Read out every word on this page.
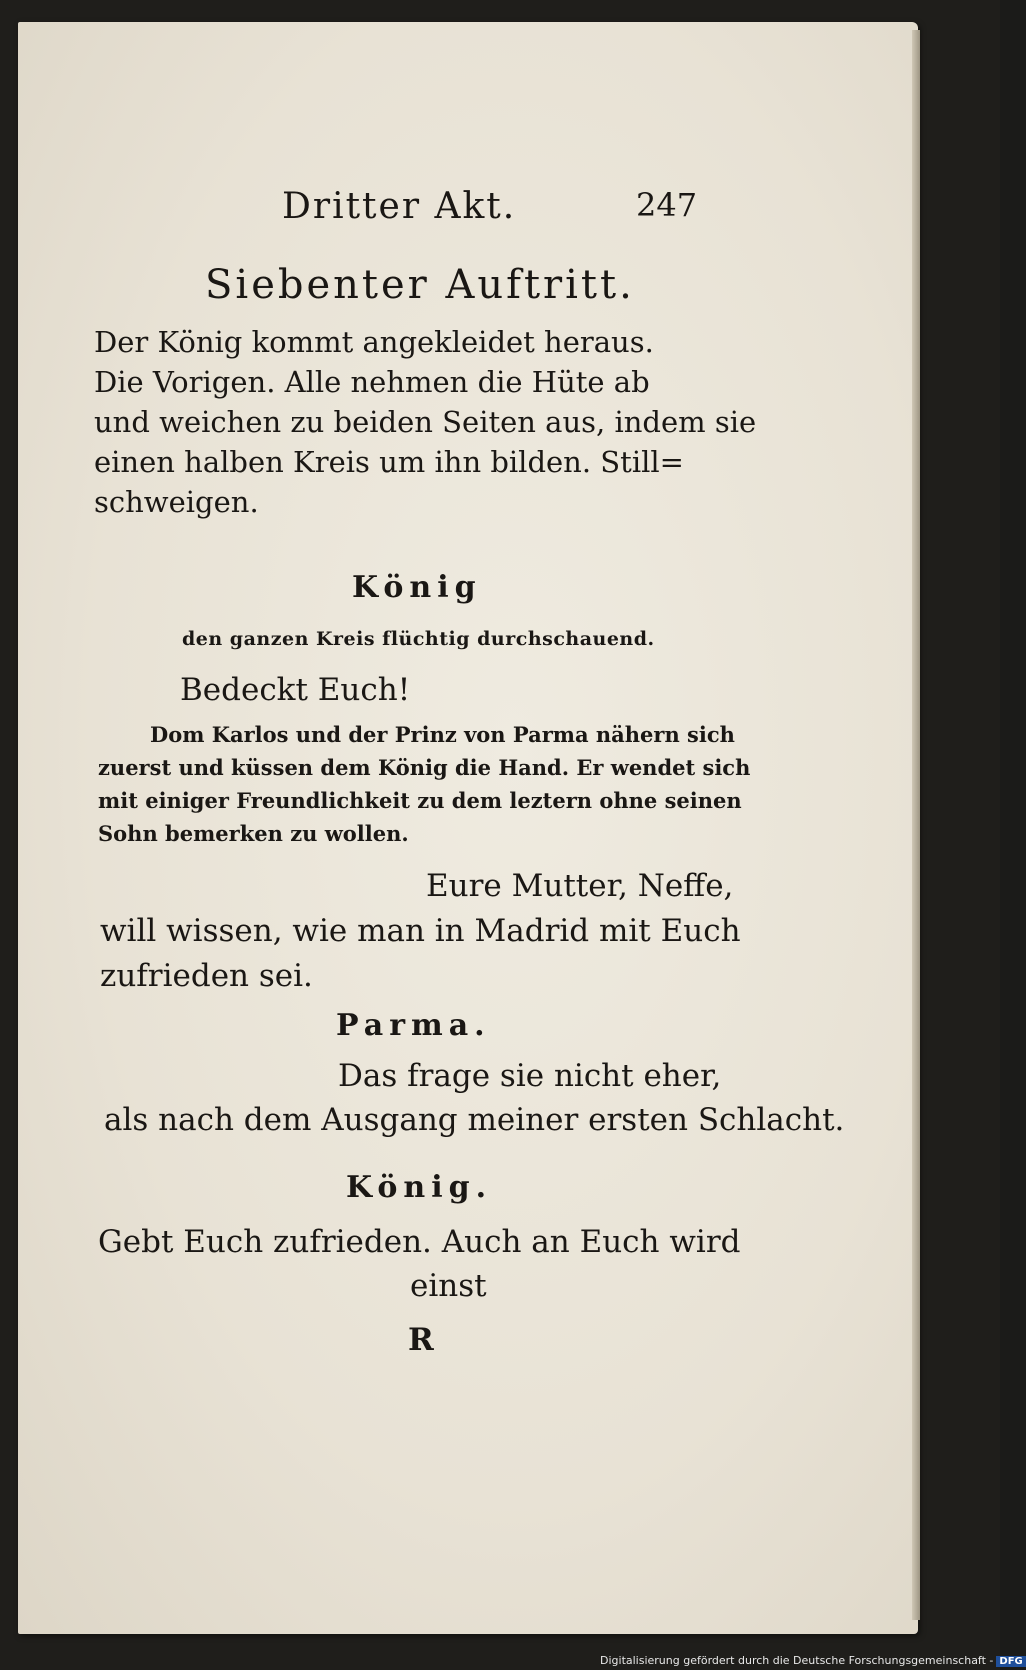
Dritter Akt.	247
Siebenter Auftritt.
Der König kommt angekleidet heraus.
Die Vorigen. Alle nehmen die Hüte ab
und weichen zu beiden Seiten aus, indem sie
einen halben Kreis um ihn bilden. Still=
schweigen.
König
den ganzen Kreis flüchtig durchschauend.
Bedeckt Euch!
Dom Karlos und der Prinz von Parma nähern sich
zuerst und küssen dem König die Hand. Er wendet sich
mit einiger Freundlichkeit zu dem leztern ohne seinen
Sohn bemerken zu wollen.
Eure Mutter, Neffe,
will wissen, wie man in Madrid mit Euch
zufrieden sei.
Parma.
Das frage sie nicht eher,
als nach dem Ausgang meiner ersten Schlacht.
König.
Gebt Euch zufrieden. Auch an Euch wird
einst
R
Digitalisierung gefördert durch die Deutsche Forschungsgemeinschaft - DFG
